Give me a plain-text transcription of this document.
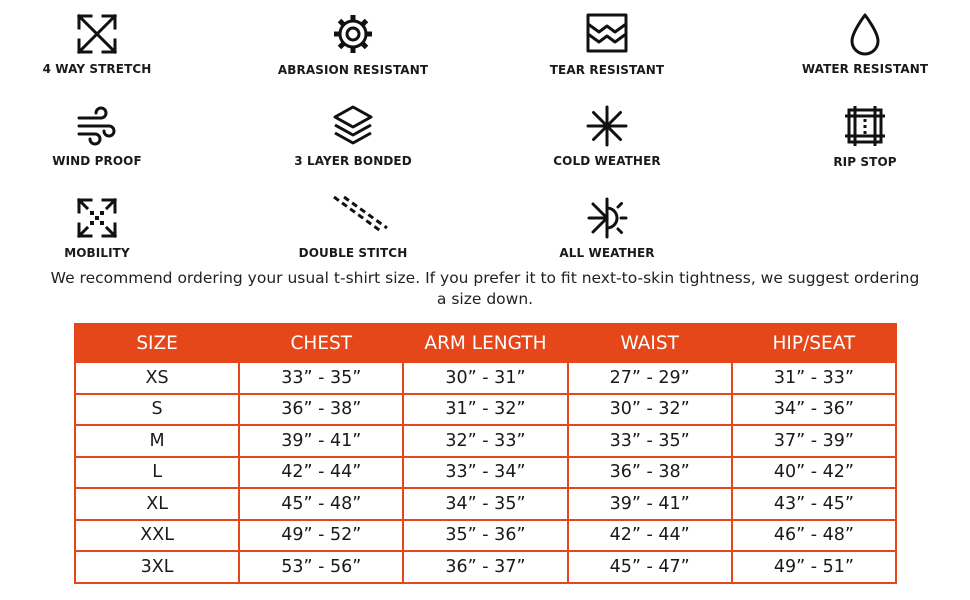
4 WAY STRETCH	ABRASION RESISTANT	TEAR RESISTANT	WATER RESISTANT
WIND PROOF	3 LAYER BONDED	COLD WEATHER	RIP STOP
MOBILITY	DOUBLE STITCH	ALL WEATHER
We recommend ordering your usual t-shirt size. If you prefer it to fit next-to-skin tightness, we suggest ordering a size down.
SIZE	CHEST	ARM LENGTH	WAIST	HIP/SEAT
XS	33” - 35”	30” - 31”	27” - 29”	31” - 33”
S	36” - 38”	31” - 32”	30” - 32”	34” - 36”
M	39” - 41”	32” - 33”	33” - 35”	37” - 39”
L	42” - 44”	33” - 34”	36” - 38”	40” - 42”
XL	45” - 48”	34” - 35”	39” - 41”	43” - 45”
XXL	49” - 52”	35” - 36”	42” - 44”	46” - 48”
3XL	53” - 56”	36” - 37”	45” - 47”	49” - 51”
